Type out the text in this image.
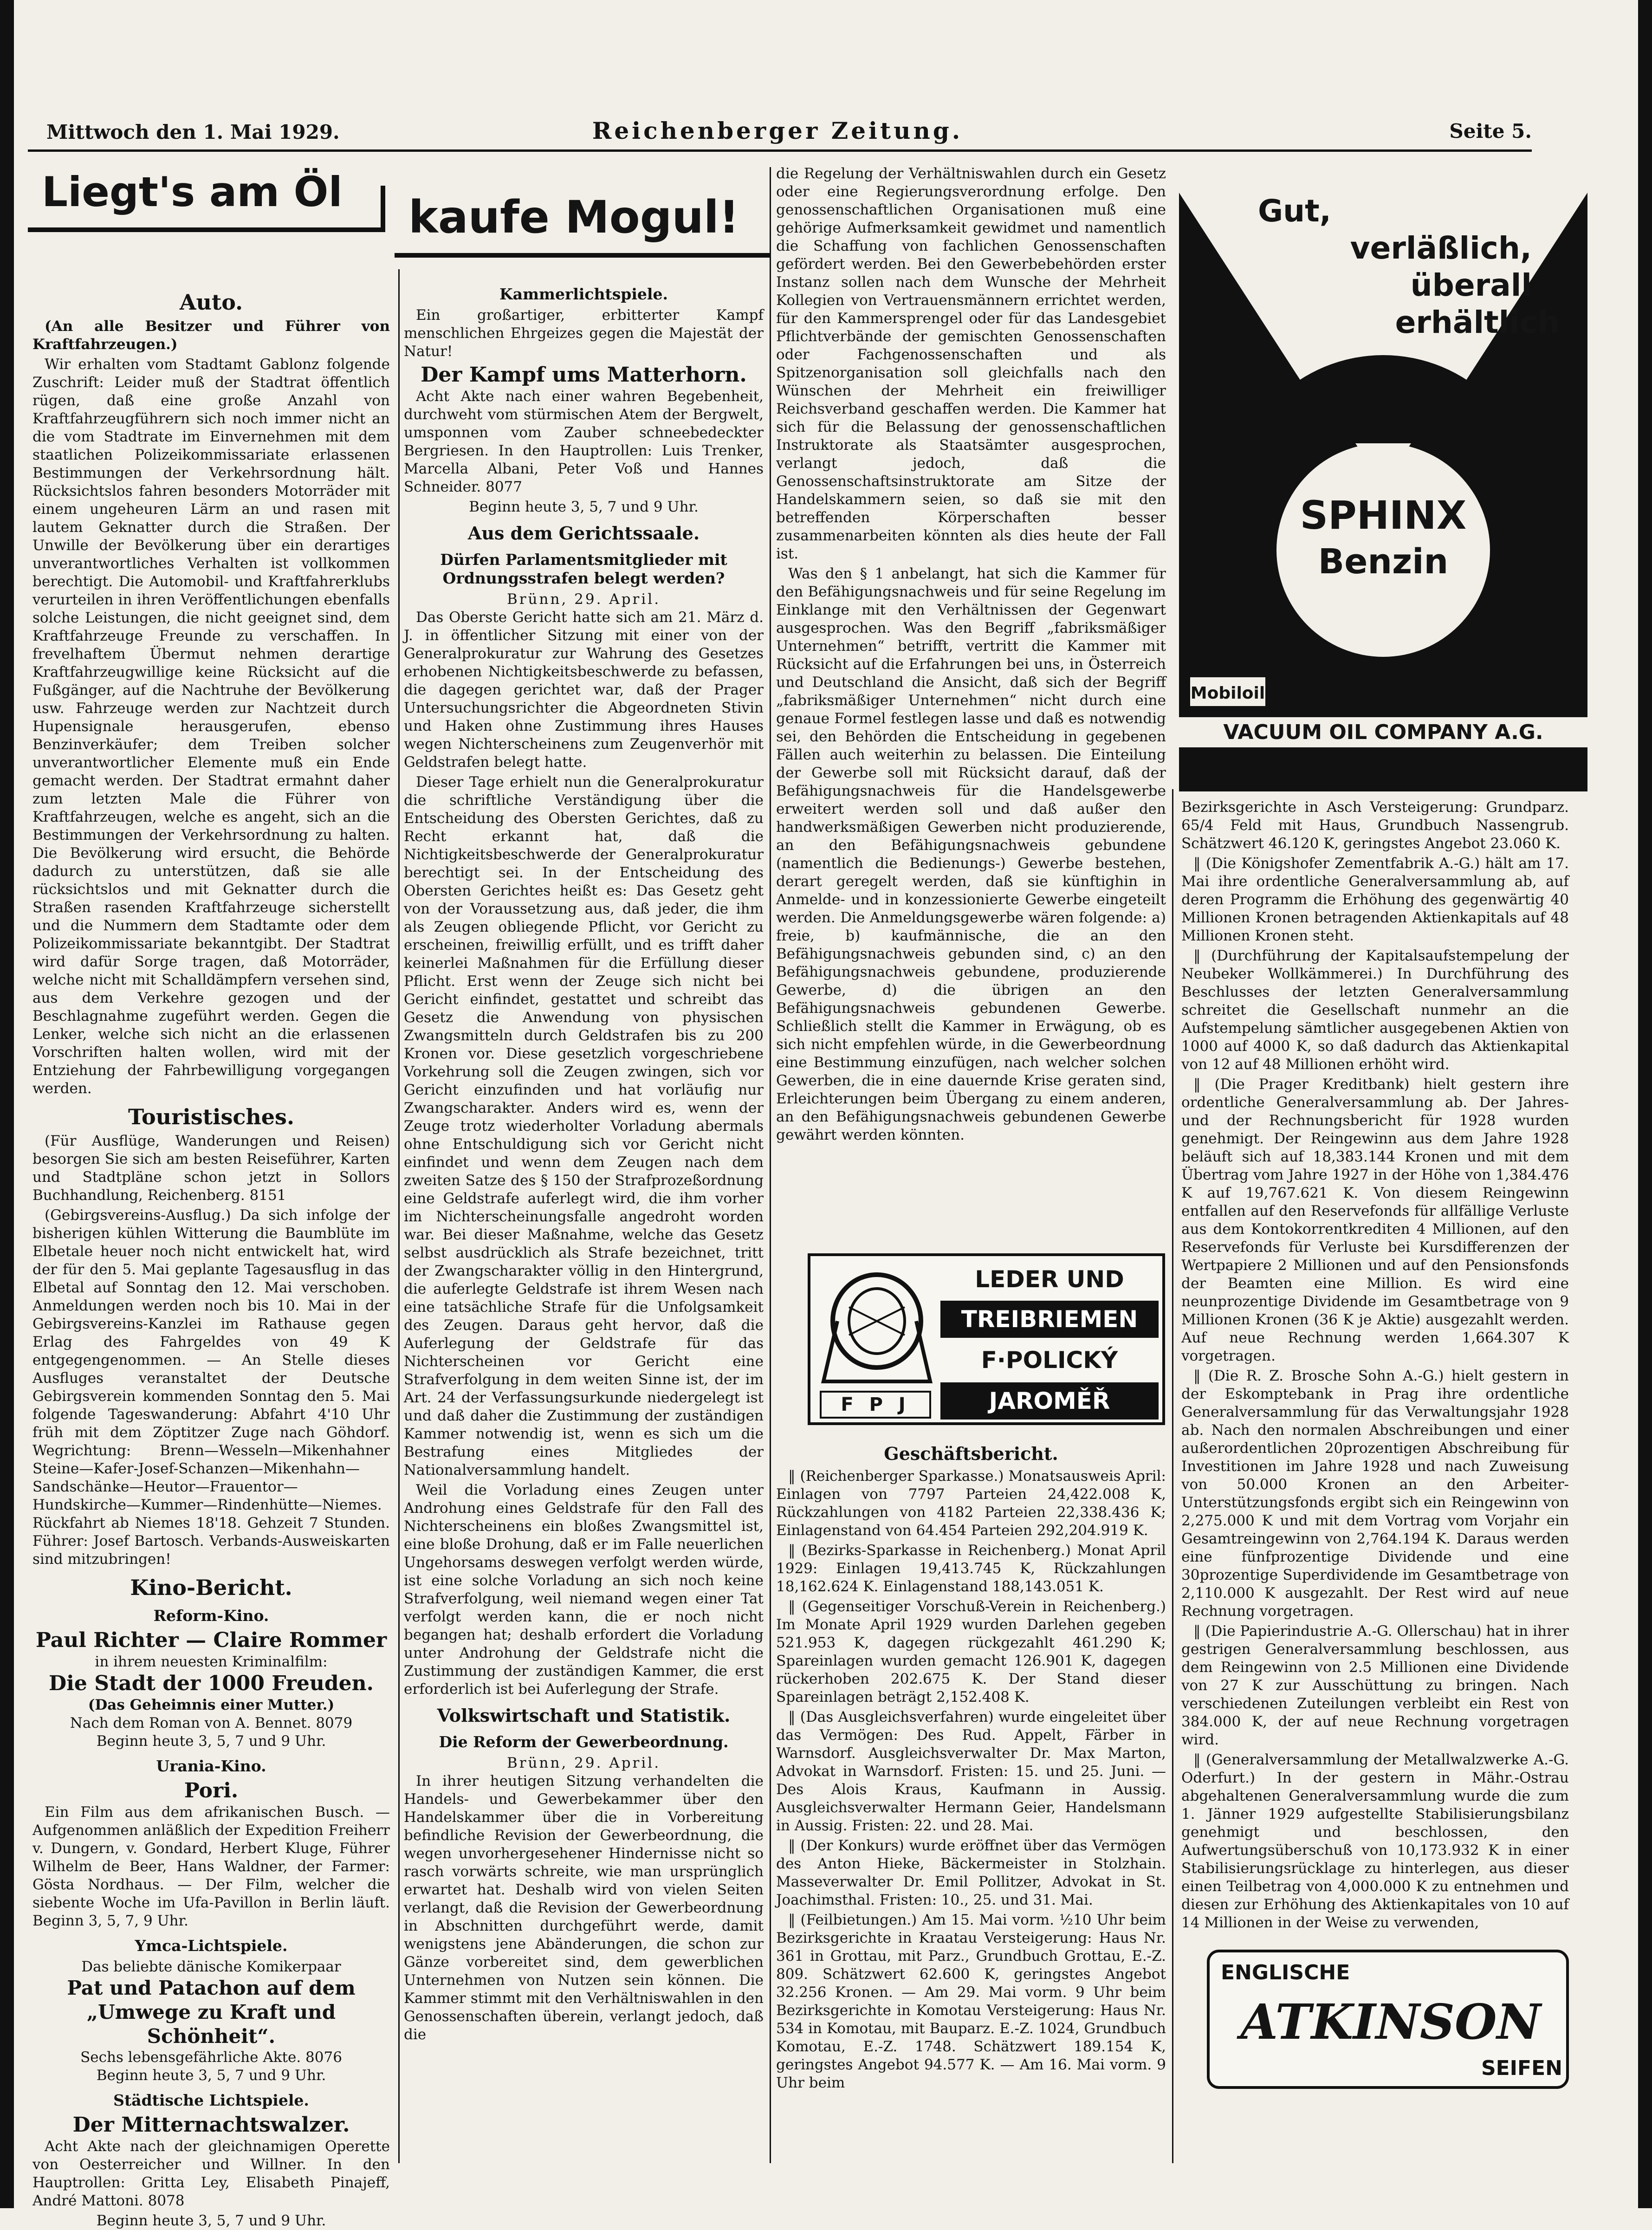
Mittwoch den 1. Mai 1929.	Reichenberger Zeitung.	Seite 5.
Liegt's am Öl	kaufe Mogul!
Auto.

(An alle Besitzer und Führer von Kraftfahrzeugen.)

Wir erhalten vom Stadtamt Gablonz folgende Zuschrift: Leider muß der Stadtrat öffentlich rügen, daß eine große Anzahl von Kraftfahrzeugführern sich noch immer nicht an die vom Stadtrate im Einvernehmen mit dem staatlichen Polizeikommissariate erlassenen Bestimmungen der Verkehrsordnung hält. Rücksichtslos fahren besonders Motorräder mit einem ungeheuren Lärm an und rasen mit lautem Geknatter durch die Straßen. Der Unwille der Bevölkerung über ein derartiges unverantwortliches Verhalten ist vollkommen berechtigt. Die Automobil- und Kraftfahrerklubs verurteilen in ihren Veröffentlichungen ebenfalls solche Leistungen, die nicht geeignet sind, dem Kraftfahrzeuge Freunde zu verschaffen. In frevelhaftem Übermut nehmen derartige Kraftfahrzeugwillige keine Rücksicht auf die Fußgänger, auf die Nachtruhe der Bevölkerung usw. Fahrzeuge werden zur Nachtzeit durch Hupensignale herausgerufen, ebenso Benzinverkäufer; dem Treiben solcher unverantwortlicher Elemente muß ein Ende gemacht werden. Der Stadtrat ermahnt daher zum letzten Male die Führer von Kraftfahrzeugen, welche es angeht, sich an die Bestimmungen der Verkehrsordnung zu halten. Die Bevölkerung wird ersucht, die Behörde dadurch zu unterstützen, daß sie alle rücksichtslos und mit Geknatter durch die Straßen rasenden Kraftfahrzeuge sicherstellt und die Nummern dem Stadtamte oder dem Polizeikommissariate bekanntgibt. Der Stadtrat wird dafür Sorge tragen, daß Motorräder, welche nicht mit Schalldämpfern versehen sind, aus dem Verkehre gezogen und der Beschlagnahme zugeführt werden. Gegen die Lenker, welche sich nicht an die erlassenen Vorschriften halten wollen, wird mit der Entziehung der Fahrbewilligung vorgegangen werden.

Touristisches.

(Für Ausflüge, Wanderungen und Reisen) besorgen Sie sich am besten Reiseführer, Karten und Stadtpläne schon jetzt in Sollors Buchhandlung, Reichenberg. 8151

(Gebirgsvereins-Ausflug.) Da sich infolge der bisherigen kühlen Witterung die Baumblüte im Elbetale heuer noch nicht entwickelt hat, wird der für den 5. Mai geplante Tagesausflug in das Elbetal auf Sonntag den 12. Mai verschoben. Anmeldungen werden noch bis 10. Mai in der Gebirgsvereins-Kanzlei im Rathause gegen Erlag des Fahrgeldes von 49 K entgegengenommen. — An Stelle dieses Ausfluges veranstaltet der Deutsche Gebirgsverein kommenden Sonntag den 5. Mai folgende Tageswanderung: Abfahrt 4'10 Uhr früh mit dem Zöptitzer Zuge nach Göhdorf. Wegrichtung: Brenn—Wesseln—Mikenhahner Steine—Kafer-Josef-Schanzen—Mikenhahn—Sandschänke—Heutor—Frauentor—Hundskirche—Kummer—Rindenhütte—Niemes. Rückfahrt ab Niemes 18'18. Gehzeit 7 Stunden. Führer: Josef Bartosch. Verbands-Ausweiskarten sind mitzubringen!

Kino-Bericht.
Reform-Kino.
Paul Richter — Claire Rommer
in ihrem neuesten Kriminalfilm:
Die Stadt der 1000 Freuden.
(Das Geheimnis einer Mutter.)
Nach dem Roman von A. Bennet. 8079
Beginn heute 3, 5, 7 und 9 Uhr.
Urania-Kino.
Pori.

Ein Film aus dem afrikanischen Busch. — Aufgenommen anläßlich der Expedition Freiherr v. Dungern, v. Gondard, Herbert Kluge, Führer Wilhelm de Beer, Hans Waldner, der Farmer: Gösta Nordhaus. — Der Film, welcher die siebente Woche im Ufa-Pavillon in Berlin läuft. Beginn 3, 5, 7, 9 Uhr.

Ymca-Lichtspiele.
Das beliebte dänische Komikerpaar
Pat und Patachon auf dem „Umwege zu Kraft und Schönheit“.
Sechs lebensgefährliche Akte. 8076
Beginn heute 3, 5, 7 und 9 Uhr.
Städtische Lichtspiele.
Der Mitternachtswalzer.

Acht Akte nach der gleichnamigen Operette von Oesterreicher und Willner. In den Hauptrollen: Gritta Ley, Elisabeth Pinajeff, André Mattoni. 8078

Beginn heute 3, 5, 7 und 9 Uhr.
Kammerlichtspiele.

Ein großartiger, erbitterter Kampf menschlichen Ehrgeizes gegen die Majestät der Natur!

Der Kampf ums Matterhorn.

Acht Akte nach einer wahren Begebenheit, durchweht vom stürmischen Atem der Bergwelt, umsponnen vom Zauber schneebedeckter Bergriesen. In den Hauptrollen: Luis Trenker, Marcella Albani, Peter Voß und Hannes Schneider. 8077

Beginn heute 3, 5, 7 und 9 Uhr.
Aus dem Gerichtssaale.
Dürfen Parlamentsmitglieder mit Ordnungsstrafen belegt werden?
Brünn, 29. April.

Das Oberste Gericht hatte sich am 21. März d. J. in öffentlicher Sitzung mit einer von der Generalprokuratur zur Wahrung des Gesetzes erhobenen Nichtigkeitsbeschwerde zu befassen, die dagegen gerichtet war, daß der Prager Untersuchungsrichter die Abgeordneten Stivin und Haken ohne Zustimmung ihres Hauses wegen Nichterscheinens zum Zeugenverhör mit Geldstrafen belegt hatte.

Dieser Tage erhielt nun die Generalprokuratur die schriftliche Verständigung über die Entscheidung des Obersten Gerichtes, daß zu Recht erkannt hat, daß die Nichtigkeitsbeschwerde der Generalprokuratur berechtigt sei. In der Entscheidung des Obersten Gerichtes heißt es: Das Gesetz geht von der Voraussetzung aus, daß jeder, die ihm als Zeugen obliegende Pflicht, vor Gericht zu erscheinen, freiwillig erfüllt, und es trifft daher keinerlei Maßnahmen für die Erfüllung dieser Pflicht. Erst wenn der Zeuge sich nicht bei Gericht einfindet, gestattet und schreibt das Gesetz die Anwendung von physischen Zwangsmitteln durch Geldstrafen bis zu 200 Kronen vor. Diese gesetzlich vorgeschriebene Vorkehrung soll die Zeugen zwingen, sich vor Gericht einzufinden und hat vorläufig nur Zwangscharakter. Anders wird es, wenn der Zeuge trotz wiederholter Vorladung abermals ohne Entschuldigung sich vor Gericht nicht einfindet und wenn dem Zeugen nach dem zweiten Satze des § 150 der Strafprozeßordnung eine Geldstrafe auferlegt wird, die ihm vorher im Nichterscheinungsfalle angedroht worden war. Bei dieser Maßnahme, welche das Gesetz selbst ausdrücklich als Strafe bezeichnet, tritt der Zwangscharakter völlig in den Hintergrund, die auferlegte Geldstrafe ist ihrem Wesen nach eine tatsächliche Strafe für die Unfolgsamkeit des Zeugen. Daraus geht hervor, daß die Auferlegung der Geldstrafe für das Nichterscheinen vor Gericht eine Strafverfolgung in dem weiten Sinne ist, der im Art. 24 der Verfassungsurkunde niedergelegt ist und daß daher die Zustimmung der zuständigen Kammer notwendig ist, wenn es sich um die Bestrafung eines Mitgliedes der Nationalversammlung handelt.

Weil die Vorladung eines Zeugen unter Androhung eines Geldstrafe für den Fall des Nichterscheinens ein bloßes Zwangsmittel ist, eine bloße Drohung, daß er im Falle neuerlichen Ungehorsams deswegen verfolgt werden würde, ist eine solche Vorladung an sich noch keine Strafverfolgung, weil niemand wegen einer Tat verfolgt werden kann, die er noch nicht begangen hat; deshalb erfordert die Vorladung unter Androhung der Geldstrafe nicht die Zustimmung der zuständigen Kammer, die erst erforderlich ist bei Auferlegung der Strafe.

Volkswirtschaft und Statistik.
Die Reform der Gewerbeordnung.
Brünn, 29. April.

In ihrer heutigen Sitzung verhandelten die Handels- und Gewerbekammer über den Handelskammer über die in Vorbereitung befindliche Revision der Gewerbeordnung, die wegen unvorhergesehener Hindernisse nicht so rasch vorwärts schreite, wie man ursprünglich erwartet hat. Deshalb wird von vielen Seiten verlangt, daß die Revision der Gewerbeordnung in Abschnitten durchgeführt werde, damit wenigstens jene Abänderungen, die schon zur Gänze vorbereitet sind, dem gewerblichen Unternehmen von Nutzen sein können. Die Kammer stimmt mit den Verhältniswahlen in den Genossenschaften überein, verlangt jedoch, daß die

die Regelung der Verhältniswahlen durch ein Gesetz oder eine Regierungsverordnung erfolge. Den genossenschaftlichen Organisationen muß eine gehörige Aufmerksamkeit gewidmet und namentlich die Schaffung von fachlichen Genossenschaften gefördert werden. Bei den Gewerbebehörden erster Instanz sollen nach dem Wunsche der Mehrheit Kollegien von Vertrauensmännern errichtet werden, für den Kammersprengel oder für das Landesgebiet Pflichtverbände der gemischten Genossenschaften oder Fachgenossenschaften und als Spitzenorganisation soll gleichfalls nach den Wünschen der Mehrheit ein freiwilliger Reichsverband geschaffen werden. Die Kammer hat sich für die Belassung der genossenschaftlichen Instruktorate als Staatsämter ausgesprochen, verlangt jedoch, daß die Genossenschaftsinstruktorate am Sitze der Handelskammern seien, so daß sie mit den betreffenden Körperschaften besser zusammenarbeiten könnten als dies heute der Fall ist.

Was den § 1 anbelangt, hat sich die Kammer für den Befähigungsnachweis und für seine Regelung im Einklange mit den Verhältnissen der Gegenwart ausgesprochen. Was den Begriff „fabriksmäßiger Unternehmen“ betrifft, vertritt die Kammer mit Rücksicht auf die Erfahrungen bei uns, in Österreich und Deutschland die Ansicht, daß sich der Begriff „fabriksmäßiger Unternehmen“ nicht durch eine genaue Formel festlegen lasse und daß es notwendig sei, den Behörden die Entscheidung in gegebenen Fällen auch weiterhin zu belassen. Die Einteilung der Gewerbe soll mit Rücksicht darauf, daß der Befähigungsnachweis für die Handelsgewerbe erweitert werden soll und daß außer den handwerksmäßigen Gewerben nicht produzierende, an den Befähigungsnachweis gebundene (namentlich die Bedienungs-) Gewerbe bestehen, derart geregelt werden, daß sie künftighin in Anmelde- und in konzessionierte Gewerbe eingeteilt werden. Die Anmeldungsgewerbe wären folgende: a) freie, b) kaufmännische, die an den Befähigungsnachweis gebunden sind, c) an den Befähigungsnachweis gebundene, produzierende Gewerbe, d) die übrigen an den Befähigungsnachweis gebundenen Gewerbe. Schließlich stellt die Kammer in Erwägung, ob es sich nicht empfehlen würde, in die Gewerbeordnung eine Bestimmung einzufügen, nach welcher solchen Gewerben, die in eine dauernde Krise geraten sind, Erleichterungen beim Übergang zu einem anderen, an den Befähigungsnachweis gebundenen Gewerbe gewährt werden könnten.

F P J
LEDER UND
TREIBRIEMEN
F·POLICKÝ
JAROMĚŘ
Geschäftsbericht.

‖ (Reichenberger Sparkasse.) Monatsausweis April: Einlagen von 7797 Parteien 24,422.008 K, Rückzahlungen von 4182 Parteien 22,338.436 K; Einlagenstand von 64.454 Parteien 292,204.919 K.

‖ (Bezirks-Sparkasse in Reichenberg.) Monat April 1929: Einlagen 19,413.745 K, Rückzahlungen 18,162.624 K. Einlagenstand 188,143.051 K.

‖ (Gegenseitiger Vorschuß-Verein in Reichenberg.) Im Monate April 1929 wurden Darlehen gegeben 521.953 K, dagegen rückgezahlt 461.290 K; Spareinlagen wurden gemacht 126.901 K, dagegen rückerhoben 202.675 K. Der Stand dieser Spareinlagen beträgt 2,152.408 K.

‖ (Das Ausgleichsverfahren) wurde eingeleitet über das Vermögen: Des Rud. Appelt, Färber in Warnsdorf. Ausgleichsverwalter Dr. Max Marton, Advokat in Warnsdorf. Fristen: 15. und 25. Juni. — Des Alois Kraus, Kaufmann in Aussig. Ausgleichsverwalter Hermann Geier, Handelsmann in Aussig. Fristen: 22. und 28. Mai.

‖ (Der Konkurs) wurde eröffnet über das Vermögen des Anton Hieke, Bäckermeister in Stolzhain. Masseverwalter Dr. Emil Pollitzer, Advokat in St. Joachimsthal. Fristen: 10., 25. und 31. Mai.

‖ (Feilbietungen.) Am 15. Mai vorm. ½10 Uhr beim Bezirksgerichte in Kraatau Versteigerung: Haus Nr. 361 in Grottau, mit Parz., Grundbuch Grottau, E.-Z. 809. Schätzwert 62.600 K, geringstes Angebot 32.256 Kronen. — Am 29. Mai vorm. 9 Uhr beim Bezirksgerichte in Komotau Versteigerung: Haus Nr. 534 in Komotau, mit Bauparz. E.-Z. 1024, Grundbuch Komotau, E.-Z. 1748. Schätzwert 189.154 K, geringstes Angebot 94.577 K. — Am 16. Mai vorm. 9 Uhr beim

Gut,
verläßlich,
überall
erhältlich
SPHINX
Benzin
Mobiloil
VACUUM OIL COMPANY A.G.

Bezirksgerichte in Asch Versteigerung: Grundparz. 65/4 Feld mit Haus, Grundbuch Nassengrub. Schätzwert 46.120 K, geringstes Angebot 23.060 K.

‖ (Die Königshofer Zementfabrik A.-G.) hält am 17. Mai ihre ordentliche Generalversammlung ab, auf deren Programm die Erhöhung des gegenwärtig 40 Millionen Kronen betragenden Aktienkapitals auf 48 Millionen Kronen steht.

‖ (Durchführung der Kapitalsaufstempelung der Neubeker Wollkämmerei.) In Durchführung des Beschlusses der letzten Generalversammlung schreitet die Gesellschaft nunmehr an die Aufstempelung sämtlicher ausgegebenen Aktien von 1000 auf 4000 K, so daß dadurch das Aktienkapital von 12 auf 48 Millionen erhöht wird.

‖ (Die Prager Kreditbank) hielt gestern ihre ordentliche Generalversammlung ab. Der Jahres- und der Rechnungsbericht für 1928 wurden genehmigt. Der Reingewinn aus dem Jahre 1928 beläuft sich auf 18,383.144 Kronen und mit dem Übertrag vom Jahre 1927 in der Höhe von 1,384.476 K auf 19,767.621 K. Von diesem Reingewinn entfallen auf den Reservefonds für allfällige Verluste aus dem Kontokorrentkrediten 4 Millionen, auf den Reservefonds für Verluste bei Kursdifferenzen der Wertpapiere 2 Millionen und auf den Pensionsfonds der Beamten eine Million. Es wird eine neunprozentige Dividende im Gesamtbetrage von 9 Millionen Kronen (36 K je Aktie) ausgezahlt werden. Auf neue Rechnung werden 1,664.307 K vorgetragen.

‖ (Die R. Z. Brosche Sohn A.-G.) hielt gestern in der Eskomptebank in Prag ihre ordentliche Generalversammlung für das Verwaltungsjahr 1928 ab. Nach den normalen Abschreibungen und einer außerordentlichen 20prozentigen Abschreibung für Investitionen im Jahre 1928 und nach Zuweisung von 50.000 Kronen an den Arbeiter-Unterstützungsfonds ergibt sich ein Reingewinn von 2,275.000 K und mit dem Vortrag vom Vorjahr ein Gesamtreingewinn von 2,764.194 K. Daraus werden eine fünfprozentige Dividende und eine 30prozentige Superdividende im Gesamtbetrage von 2,110.000 K ausgezahlt. Der Rest wird auf neue Rechnung vorgetragen.

‖ (Die Papierindustrie A.-G. Ollerschau) hat in ihrer gestrigen Generalversammlung beschlossen, aus dem Reingewinn von 2.5 Millionen eine Dividende von 27 K zur Ausschüttung zu bringen. Nach verschiedenen Zuteilungen verbleibt ein Rest von 384.000 K, der auf neue Rechnung vorgetragen wird.

‖ (Generalversammlung der Metallwalzwerke A.-G. Oderfurt.) In der gestern in Mähr.-Ostrau abgehaltenen Generalversammlung wurde die zum 1. Jänner 1929 aufgestellte Stabilisierungsbilanz genehmigt und beschlossen, den Aufwertungsüberschuß von 10,173.932 K in einer Stabilisierungsrücklage zu hinterlegen, aus dieser einen Teilbetrag von 4,000.000 K zu entnehmen und diesen zur Erhöhung des Aktienkapitales von 10 auf 14 Millionen in der Weise zu verwenden,

ENGLISCHE
ATKINSON
SEIFEN
